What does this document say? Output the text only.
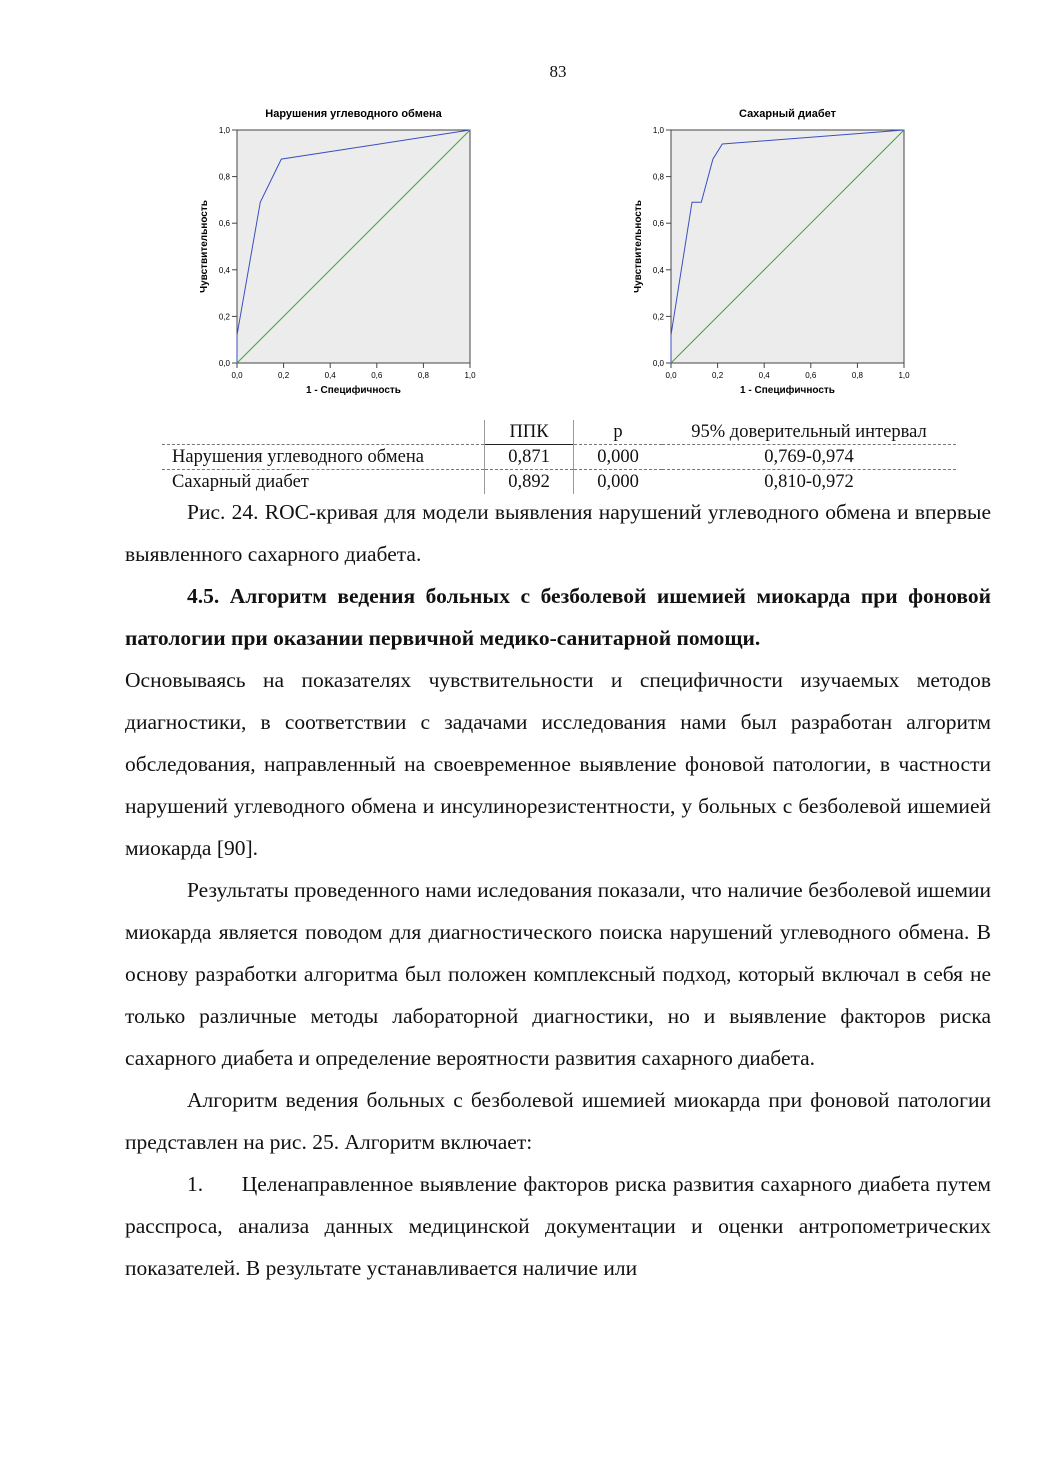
83
Нарушения углеводного обмена
0,0
0,2
0,4
0,6
0,8
1,0
0,0	0,2	0,4	0,6	0,8	1,0
1 - Специфичность
Чувствительность
Сахарный диабет
0,0
0,2
0,4
0,6
0,8
1,0
0,0	0,2	0,4	0,6	0,8	1,0
1 - Специфичность
Чувствительность
	ППК	p	95% доверительный интервал
Нарушения углеводного обмена	0,871	0,000	0,769-0,974
Сахарный диабет	0,892	0,000	0,810-0,972

Рис. 24. ROC-кривая для модели выявления нарушений углеводного обмена и впервые выявленного сахарного диабета.

4.5. Алгоритм ведения больных с безболевой ишемией миокарда при фоновой патологии при оказании первичной медико-санитарной помощи.

Основываясь на показателях чувствительности и специфичности изучаемых методов диагностики, в соответствии с задачами исследования нами был разработан алгоритм обследования, направленный на своевременное выявление фоновой патологии, в частности нарушений углеводного обмена и инсулинорезистентности, у больных с безболевой ишемией миокарда [90].

Результаты проведенного нами иследования показали, что наличие безболевой ишемии миокарда является поводом для диагностического поиска нарушений углеводного обмена. В основу разработки алгоритма был положен комплексный подход, который включал в себя не только различные методы лабораторной диагностики, но и выявление факторов риска сахарного диабета и определение вероятности развития сахарного диабета.

Алгоритм ведения больных с безболевой ишемией миокарда при фоновой патологии представлен на рис. 25. Алгоритм включает:

1.      Целенаправленное выявление факторов риска развития сахарного диабета путем расспроса, анализа данных медицинской документации и оценки антропометрических показателей. В результате устанавливается наличие или
